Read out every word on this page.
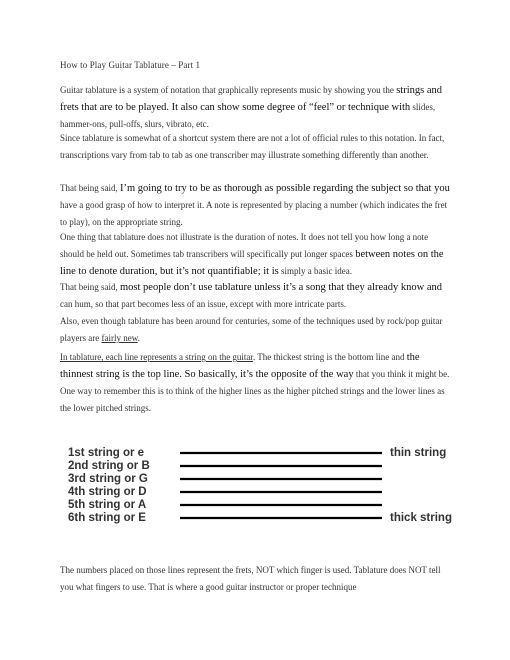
How to Play Guitar Tablature – Part 1

Guitar tablature is a system of notation that graphically represents music by showing you the strings and frets that are to be played. It also can show some degree of “feel” or technique with slides, hammer-ons, pull-offs, slurs, vibrato, etc.

Since tablature is somewhat of a shortcut system there are not a lot of official rules to this notation. In fact, transcriptions vary from tab to tab as one transcriber may illustrate something differently than another.

That being said, I’m going to try to be as thorough as possible regarding the subject so that you have a good grasp of how to interpret it. A note is represented by placing a number (which indicates the fret to play), on the appropriate string.

One thing that tablature does not illustrate is the duration of notes. It does not tell you how long a note should be held out. Sometimes tab transcribers will specifically put longer spaces between notes on the line to denote duration, but it’s not quantifiable; it is simply a basic idea.

That being said, most people don’t use tablature unless it’s a song that they already know and can hum, so that part becomes less of an issue, except with more intricate parts.

Also, even though tablature has been around for centuries, some of the techniques used by rock/pop guitar players are fairly new.

In tablature, each line represents a string on the guitar. The thickest string is the bottom line and the thinnest string is the top line. So basically, it’s the opposite of the way that you think it might be. One way to remember this is to think of the higher lines as the higher pitched strings and the lower lines as the lower pitched strings.

1st string or e	thin string
2nd string or B
3rd string or G
4th string or D
5th string or A
6th string or E	thick string

The numbers placed on those lines represent the frets, NOT which finger is used. Tablature does NOT tell you what fingers to use. That is where a good guitar instructor or proper technique
